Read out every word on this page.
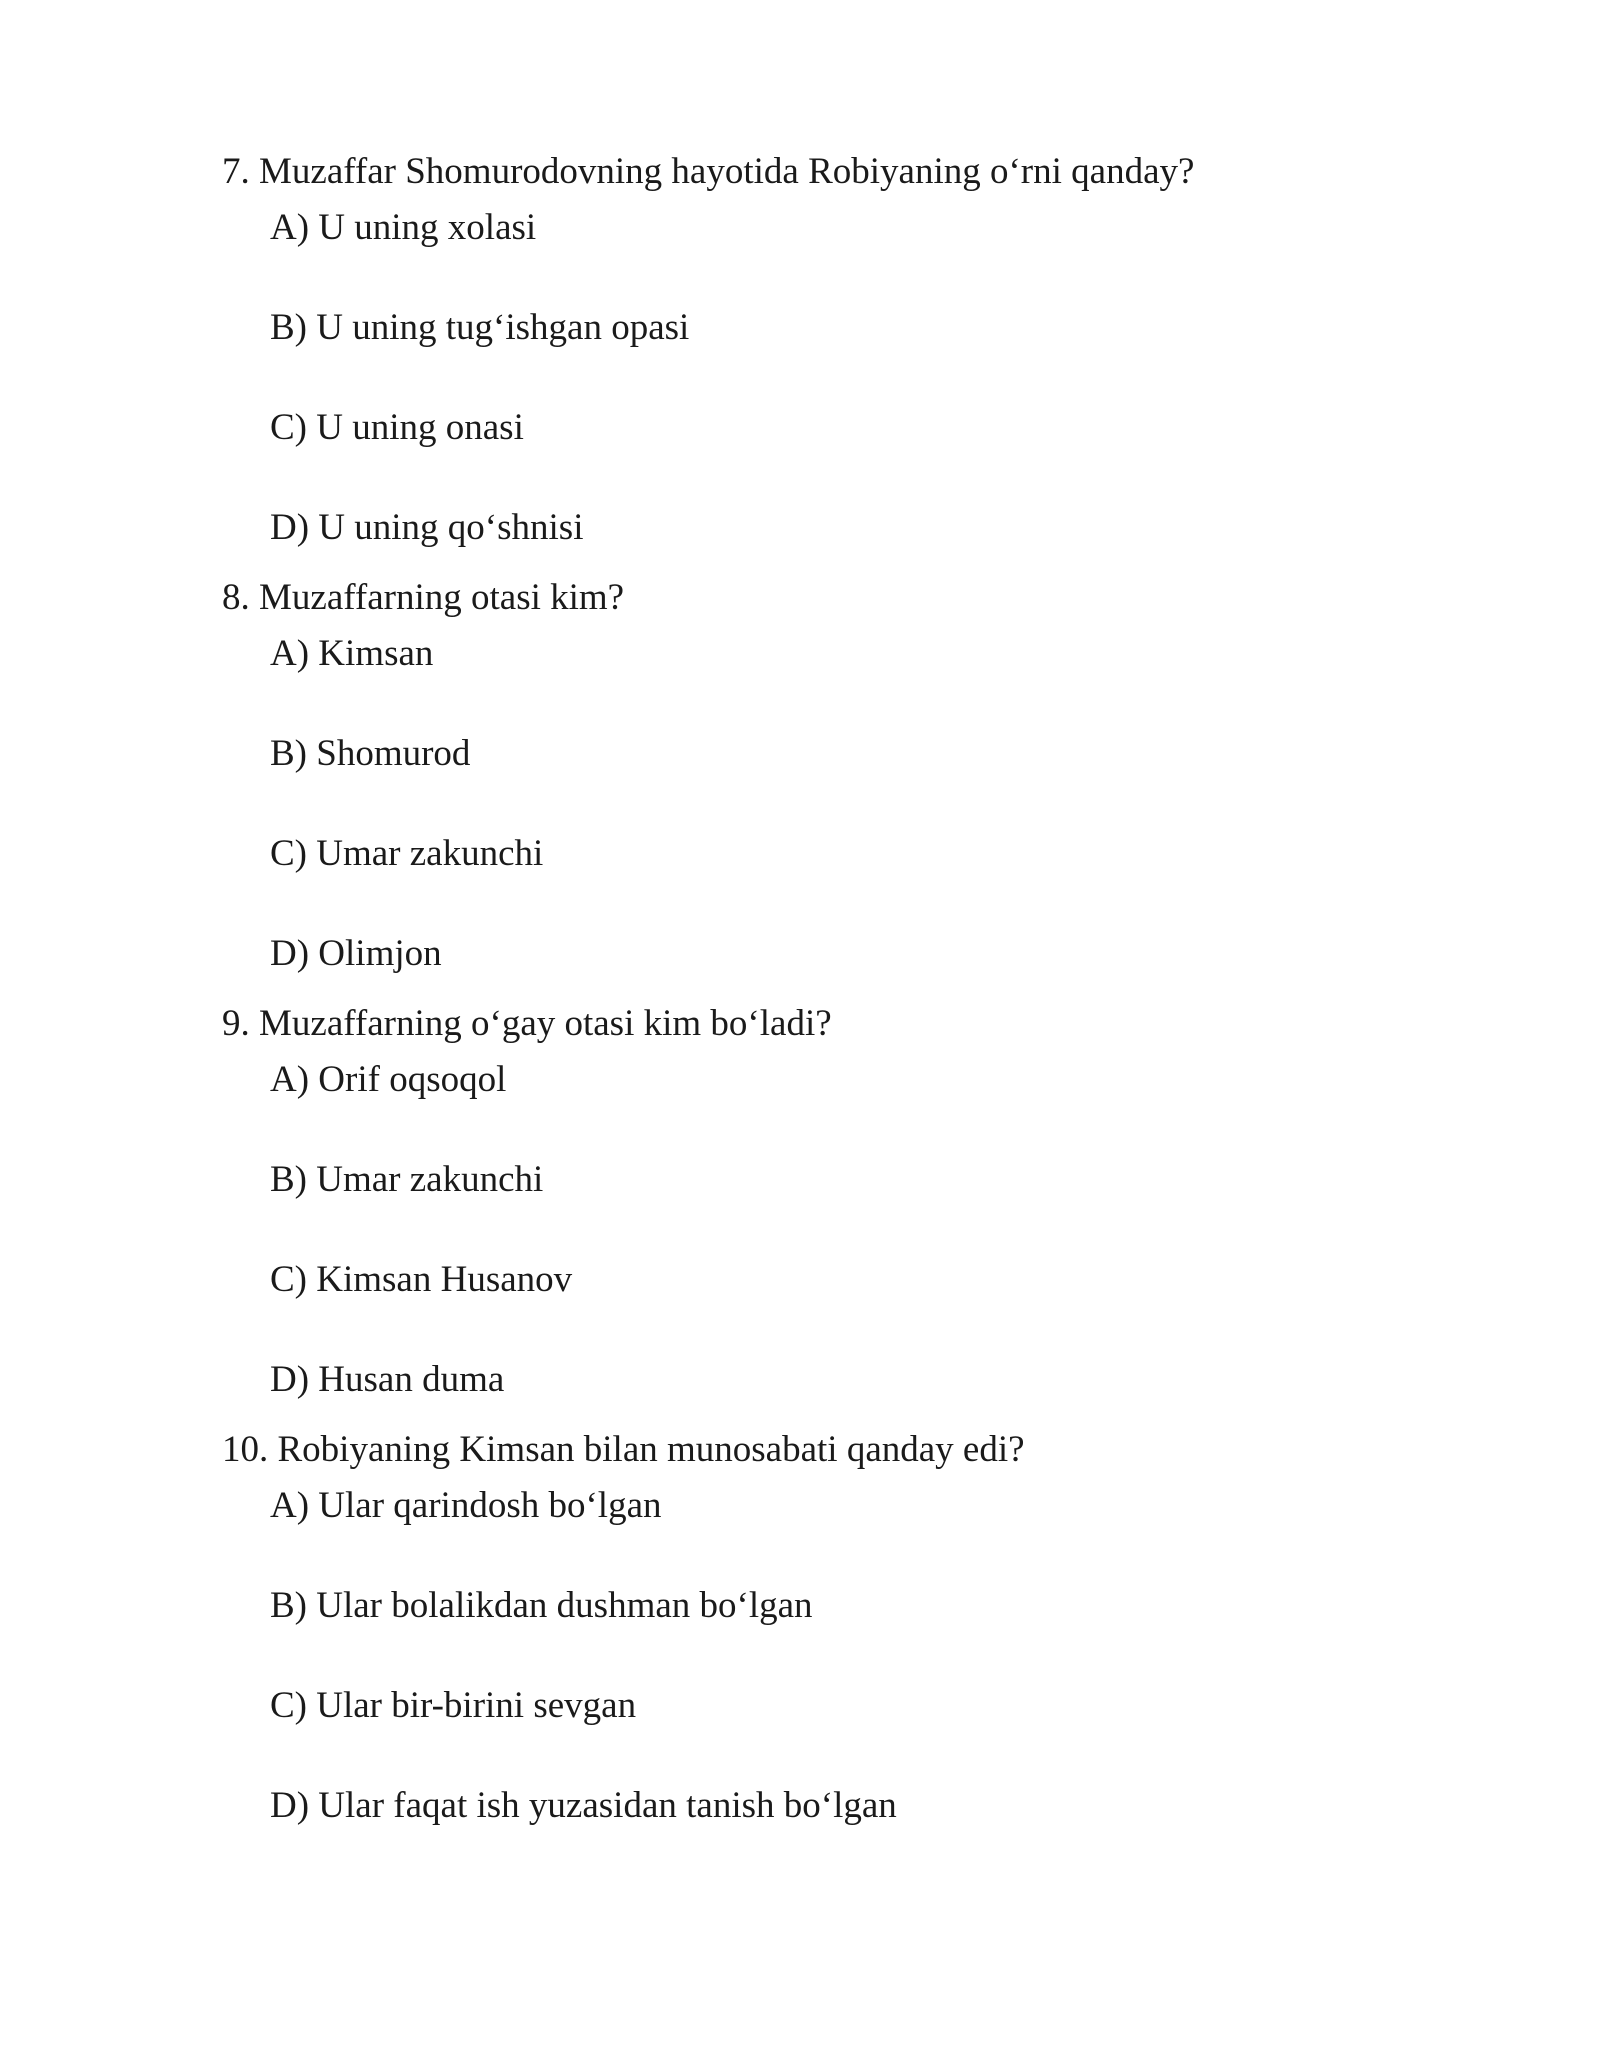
7. Muzaffar Shomurodovning hayotida Robiyaning o‘rni qanday?
A) U uning xolasi
B) U uning tug‘ishgan opasi
C) U uning onasi
D) U uning qo‘shnisi
8. Muzaffarning otasi kim?
A) Kimsan
B) Shomurod
C) Umar zakunchi
D) Olimjon
9. Muzaffarning o‘gay otasi kim bo‘ladi?
A) Orif oqsoqol
B) Umar zakunchi
C) Kimsan Husanov
D) Husan duma
10. Robiyaning Kimsan bilan munosabati qanday edi?
A) Ular qarindosh bo‘lgan
B) Ular bolalikdan dushman bo‘lgan
C) Ular bir-birini sevgan
D) Ular faqat ish yuzasidan tanish bo‘lgan
